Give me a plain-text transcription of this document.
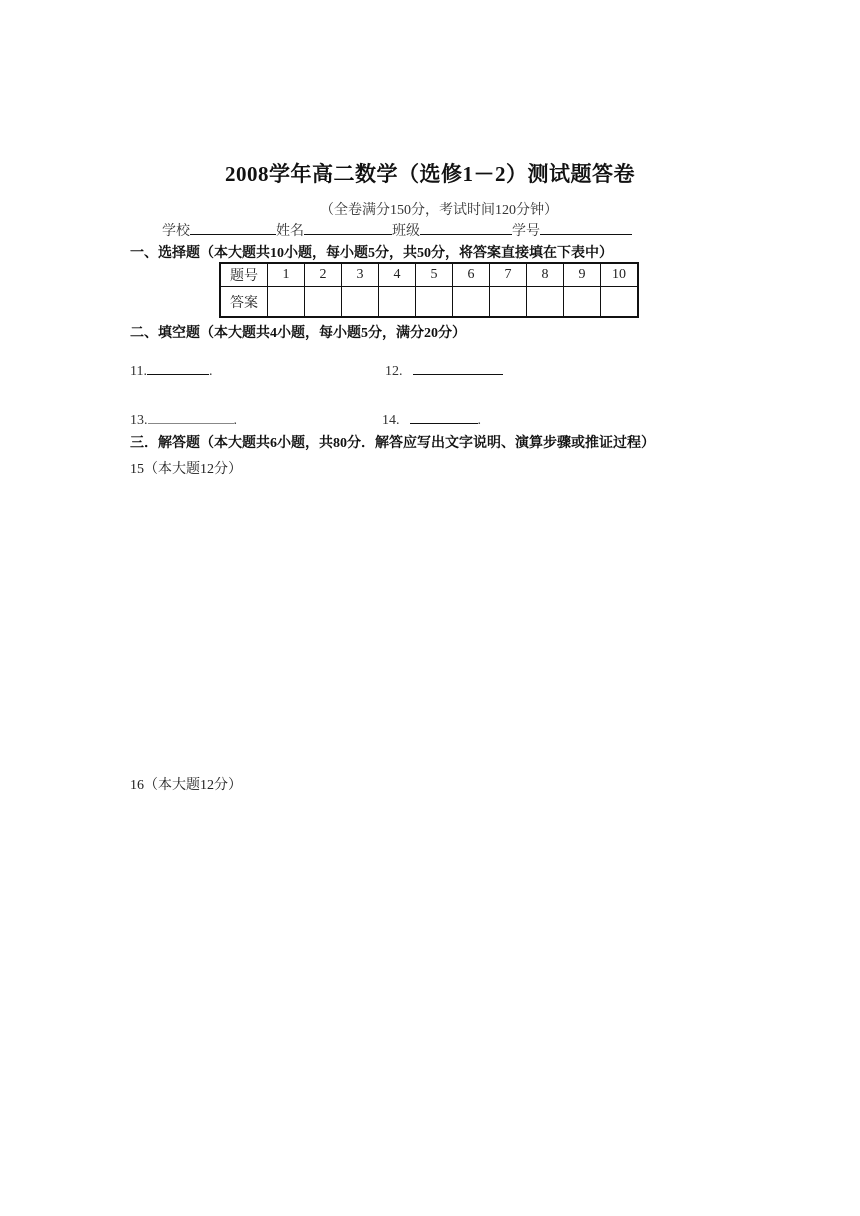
2008学年高二数学（选修1－2）测试题答卷
（全卷满分150分，考试时间120分钟）
学校	姓名	班级	学号
一、选择题（本大题共10小题，每小题5分，共50分，将答案直接填在下表中）
题号	1	2	3	4	5	6	7	8	9	10
答案										
二、填空题（本大题共4小题，每小题5分，满分20分）
11.	.	12.
13.	.	14.	.
三．解答题（本大题共6小题，共80分．解答应写出文字说明、演算步骤或推证过程）
15（本大题12分）
16（本大题12分）
